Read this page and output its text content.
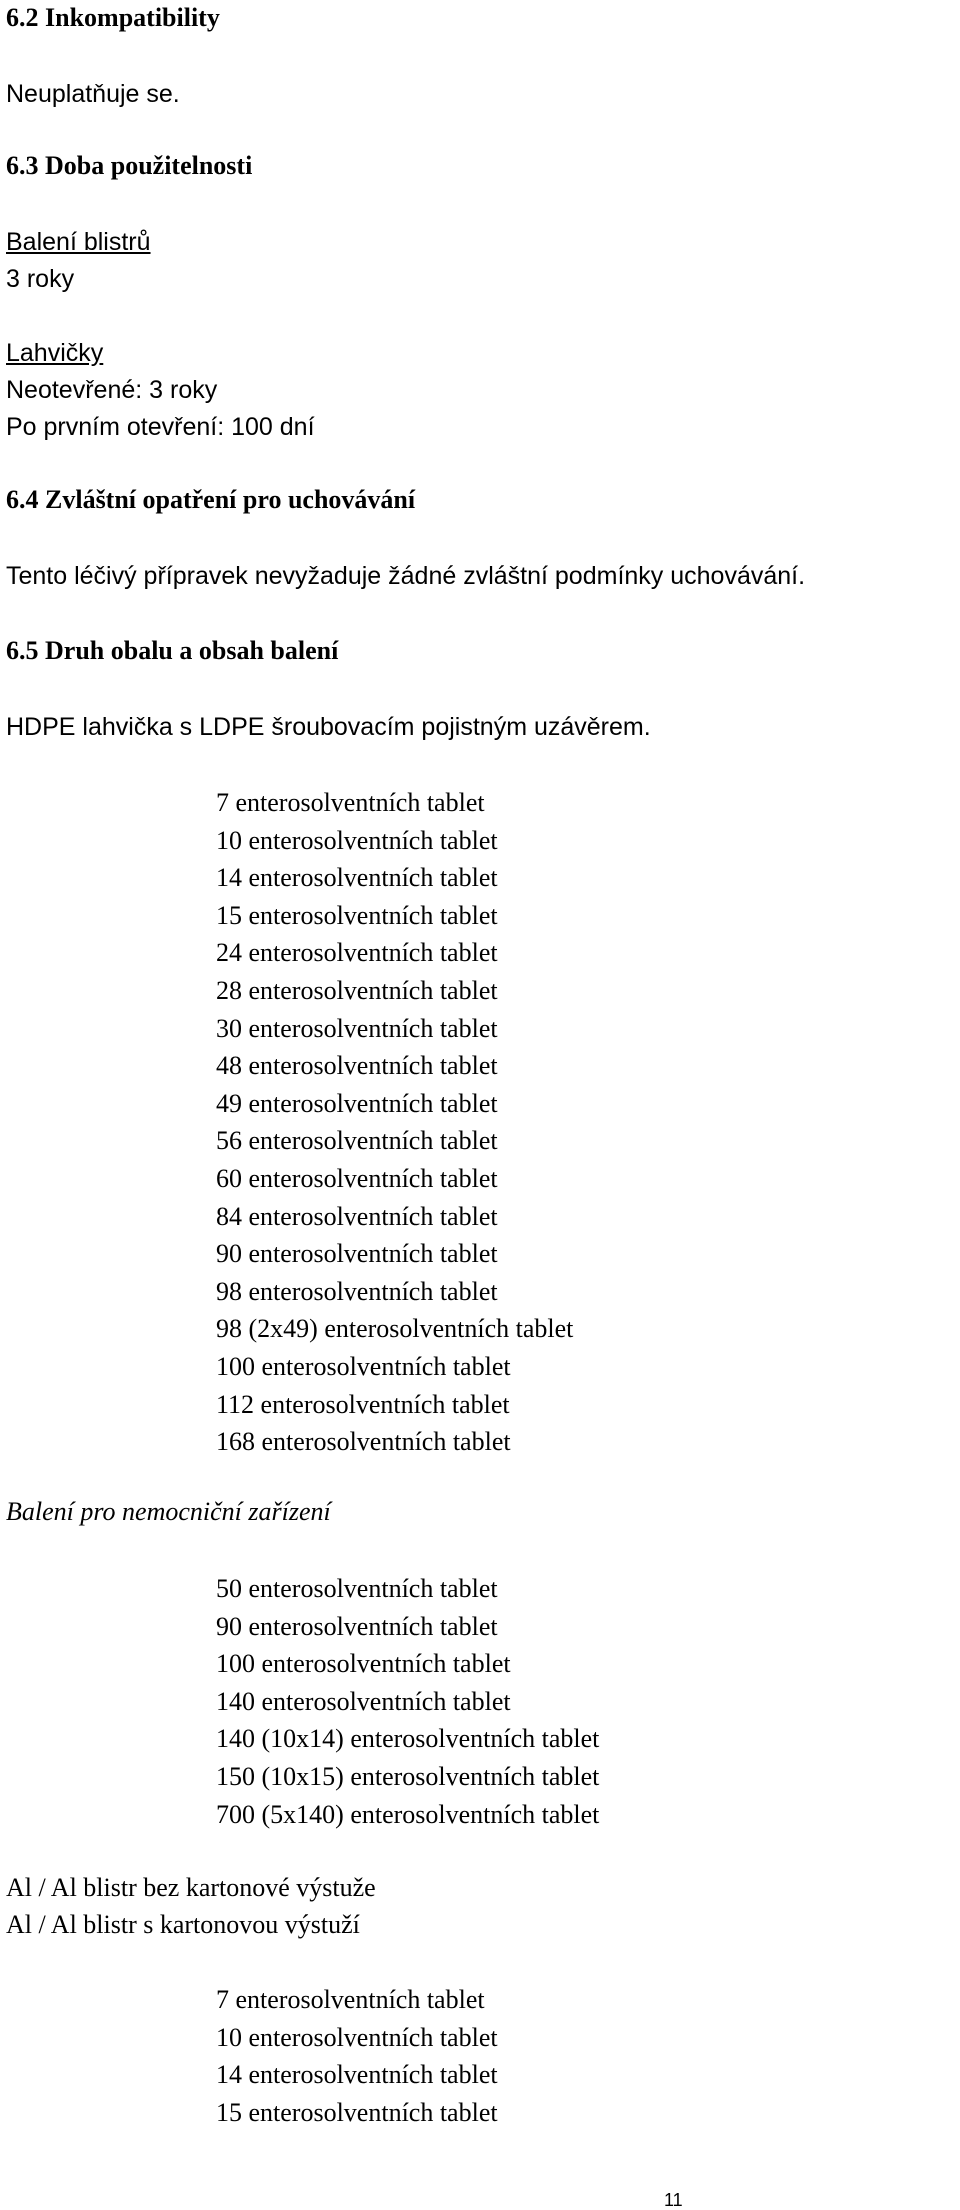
6.2 Inkompatibility
Neuplatňuje se.
6.3 Doba použitelnosti
Balení blistrů
3 roky
Lahvičky
Neotevřené: 3 roky
Po prvním otevření: 100 dní
6.4 Zvláštní opatření pro uchovávání
Tento léčivý přípravek nevyžaduje žádné zvláštní podmínky uchovávání.
6.5 Druh obalu a obsah balení
HDPE lahvička s LDPE šroubovacím pojistným uzávěrem.
7 enterosolventních tablet
10 enterosolventních tablet
14 enterosolventních tablet
15 enterosolventních tablet
24 enterosolventních tablet
28 enterosolventních tablet
30 enterosolventních tablet
48 enterosolventních tablet
49 enterosolventních tablet
56 enterosolventních tablet
60 enterosolventních tablet
84 enterosolventních tablet
90 enterosolventních tablet
98 enterosolventních tablet
98 (2x49) enterosolventních tablet
100 enterosolventních tablet
112 enterosolventních tablet
168 enterosolventních tablet
Balení pro nemocniční zařízení
50 enterosolventních tablet
90 enterosolventních tablet
100 enterosolventních tablet
140 enterosolventních tablet
140 (10x14) enterosolventních tablet
150 (10x15) enterosolventních tablet
700 (5x140) enterosolventních tablet
Al / Al blistr bez kartonové výstuže
Al / Al blistr s kartonovou výstuží
7 enterosolventních tablet
10 enterosolventních tablet
14 enterosolventních tablet
15 enterosolventních tablet
11
